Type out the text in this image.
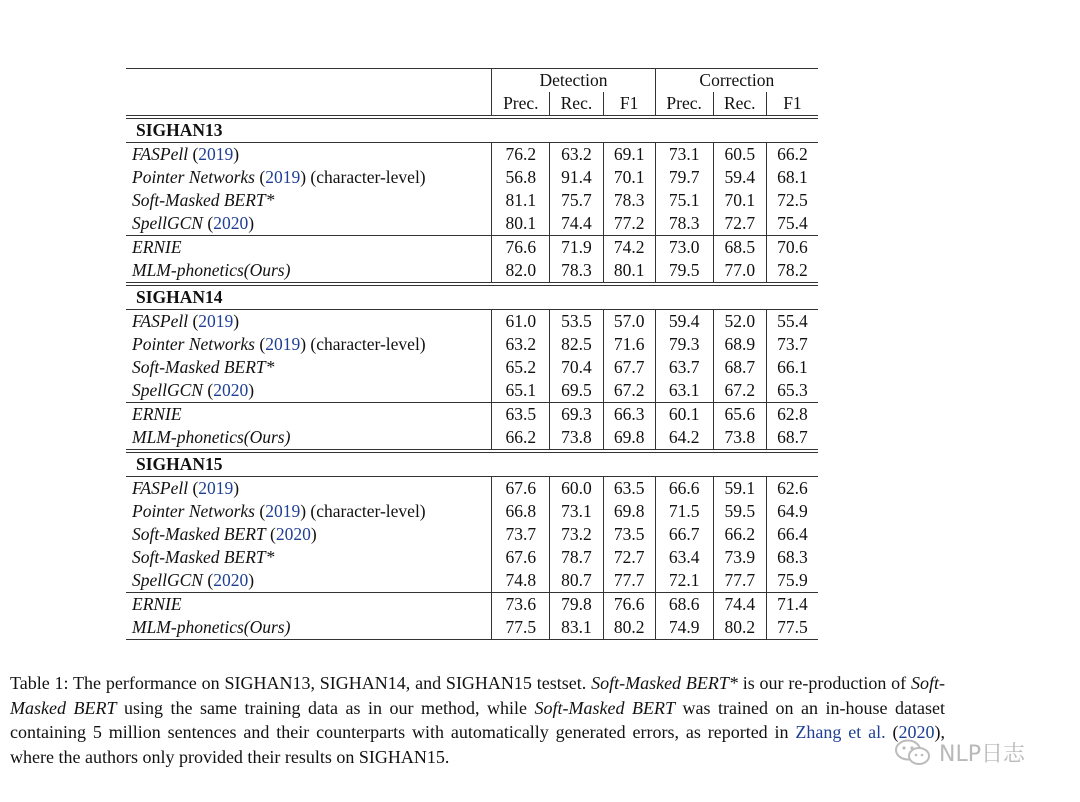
	Detection			Correction		
	Prec.	Rec.	F1	Prec.	Rec.	F1
SIGHAN13						
FASPell (2019)	76.2	63.2	69.1	73.1	60.5	66.2
Pointer Networks (2019) (character-level)	56.8	91.4	70.1	79.7	59.4	68.1
Soft-Masked BERT*	81.1	75.7	78.3	75.1	70.1	72.5
SpellGCN (2020)	80.1	74.4	77.2	78.3	72.7	75.4
ERNIE	76.6	71.9	74.2	73.0	68.5	70.6
MLM-phonetics(Ours)	82.0	78.3	80.1	79.5	77.0	78.2
SIGHAN14						
FASPell (2019)	61.0	53.5	57.0	59.4	52.0	55.4
Pointer Networks (2019) (character-level)	63.2	82.5	71.6	79.3	68.9	73.7
Soft-Masked BERT*	65.2	70.4	67.7	63.7	68.7	66.1
SpellGCN (2020)	65.1	69.5	67.2	63.1	67.2	65.3
ERNIE	63.5	69.3	66.3	60.1	65.6	62.8
MLM-phonetics(Ours)	66.2	73.8	69.8	64.2	73.8	68.7
SIGHAN15						
FASPell (2019)	67.6	60.0	63.5	66.6	59.1	62.6
Pointer Networks (2019) (character-level)	66.8	73.1	69.8	71.5	59.5	64.9
Soft-Masked BERT (2020)	73.7	73.2	73.5	66.7	66.2	66.4
Soft-Masked BERT*	67.6	78.7	72.7	63.4	73.9	68.3
SpellGCN (2020)	74.8	80.7	77.7	72.1	77.7	75.9
ERNIE	73.6	79.8	76.6	68.6	74.4	71.4
MLM-phonetics(Ours)	77.5	83.1	80.2	74.9	80.2	77.5
Table 1: The performance on SIGHAN13, SIGHAN14, and SIGHAN15 testset. Soft-Masked BERT* is our re-production of Soft-Masked BERT using the same training data as in our method, while Soft-Masked BERT was trained on an in-house dataset containing 5 million sentences and their counterparts with automatically generated errors, as reported in Zhang et al. (2020), where the authors only provided their results on SIGHAN15.	NLP日志
